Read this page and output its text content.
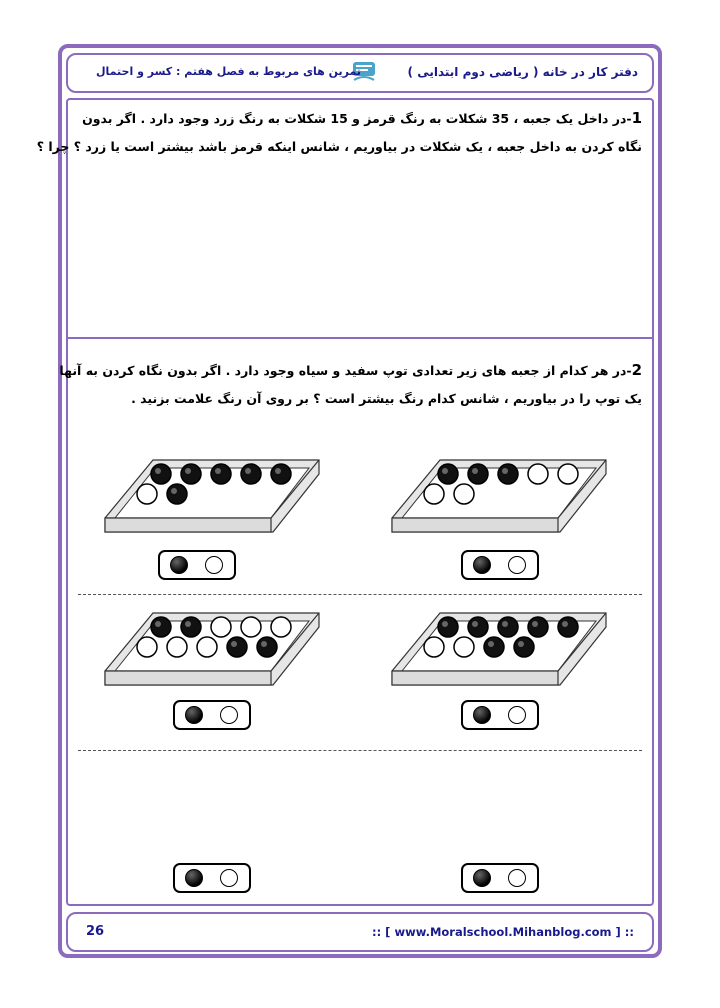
دفتر کار در خانه ( ریاضی دوم ابتدایی )
تمرین های مربوط به فصل هفتم : کسر و احتمال
1-در داخل یک جعبه ، 35 شکلات به رنگ قرمز و 15 شکلات به رنگ زرد وجود دارد . اگر بدون
نگاه کردن به داخل جعبه ، یک شکلات در بیاوریم ، شانس اینکه قرمز باشد بیشتر است یا زرد ؟ چرا ؟
2-در هر کدام از جعبه های زیر تعدادی توپ سفید و سیاه وجود دارد . اگر بدون نگاه کردن به آنها
یک توپ را در بیاوریم ، شانس کدام رنگ بیشتر است ؟ بر روی آن رنگ علامت بزنید .
26	:: [ www.Moralschool.Mihanblog.com ] ::
